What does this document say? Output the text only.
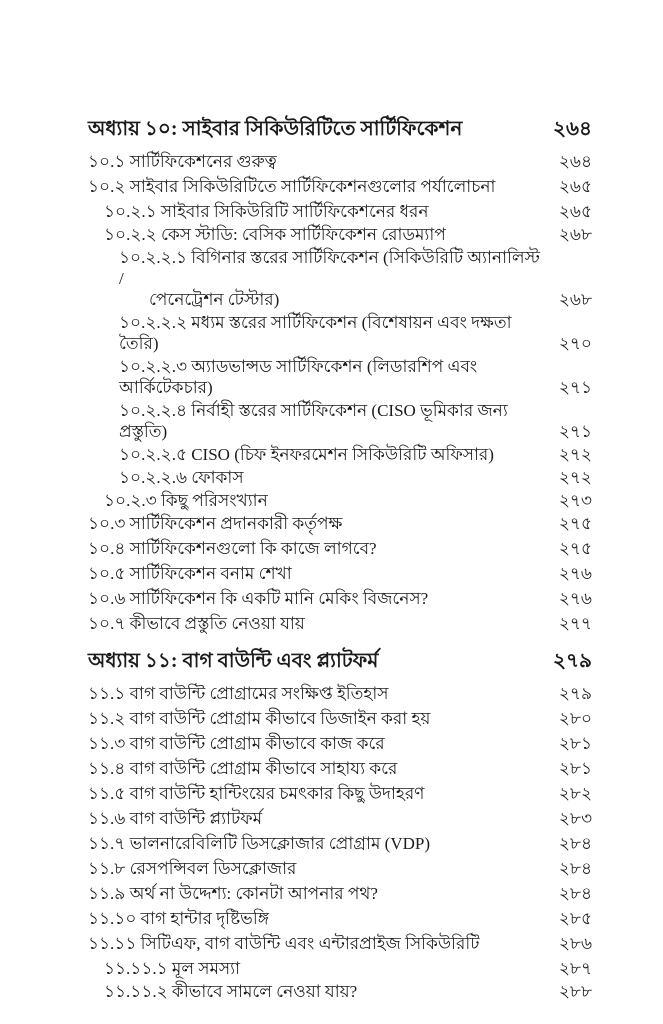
অধ্যায় ১০: সাইবার সিকিউরিটিতে সার্টিফিকেশন	২৬৪
১০.১ সার্টিফিকেশনের গুরুত্ব	২৬৪
১০.২ সাইবার সিকিউরিটিতে সার্টিফিকেশনগুলোর পর্যালোচনা	২৬৫
১০.২.১ সাইবার সিকিউরিটি সার্টিফিকেশনের ধরন	২৬৫
১০.২.২ কেস স্টাডি: বেসিক সার্টিফিকেশন রোডম্যাপ	২৬৮
১০.২.২.১ বিগিনার স্তরের সার্টিফিকেশন (সিকিউরিটি অ্যানালিস্ট /
পেনেট্রেশন টেস্টার)	২৬৮
১০.২.২.২ মধ্যম স্তরের সার্টিফিকেশন (বিশেষায়ন এবং দক্ষতা তৈরি)	২৭০
১০.২.২.৩ অ্যাডভান্সড সার্টিফিকেশন (লিডারশিপ এবং আর্কিটেকচার)	২৭১
১০.২.২.৪ নির্বাহী স্তরের সার্টিফিকেশন (CISO ভূমিকার জন্য প্রস্তুতি)	২৭১
১০.২.২.৫ CISO (চিফ ইনফরমেশন সিকিউরিটি অফিসার)	২৭২
১০.২.২.৬ ফোকাস	২৭২
১০.২.৩ কিছু পরিসংখ্যান	২৭৩
১০.৩ সার্টিফিকেশন প্রদানকারী কর্তৃপক্ষ	২৭৫
১০.৪ সার্টিফিকেশনগুলো কি কাজে লাগবে?	২৭৫
১০.৫ সার্টিফিকেশন বনাম শেখা	২৭৬
১০.৬ সার্টিফিকেশন কি একটি মানি মেকিং বিজনেস?	২৭৬
১০.৭ কীভাবে প্রস্তুতি নেওয়া যায়	২৭৭
অধ্যায় ১১: বাগ বাউন্টি এবং প্ল্যাটফর্ম	২৭৯
১১.১ বাগ বাউন্টি প্রোগ্রামের সংক্ষিপ্ত ইতিহাস	২৭৯
১১.২ বাগ বাউন্টি প্রোগ্রাম কীভাবে ডিজাইন করা হয়	২৮০
১১.৩ বাগ বাউন্টি প্রোগ্রাম কীভাবে কাজ করে	২৮১
১১.৪ বাগ বাউন্টি প্রোগ্রাম কীভাবে সাহায্য করে	২৮১
১১.৫ বাগ বাউন্টি হান্টিংয়ের চমৎকার কিছু উদাহরণ	২৮২
১১.৬ বাগ বাউন্টি প্ল্যাটফর্ম	২৮৩
১১.৭ ভালনারেবিলিটি ডিসক্লোজার প্রোগ্রাম (VDP)	২৮৪
১১.৮ রেসপন্সিবল ডিসক্লোজার	২৮৪
১১.৯ অর্থ না উদ্দেশ্য: কোনটা আপনার পথ?	২৮৪
১১.১০ বাগ হান্টার দৃষ্টিভঙ্গি	২৮৫
১১.১১ সিটিএফ, বাগ বাউন্টি এবং এন্টারপ্রাইজ সিকিউরিটি	২৮৬
১১.১১.১ মূল সমস্যা	২৮৭
১১.১১.২ কীভাবে সামলে নেওয়া যায়?	২৮৮
